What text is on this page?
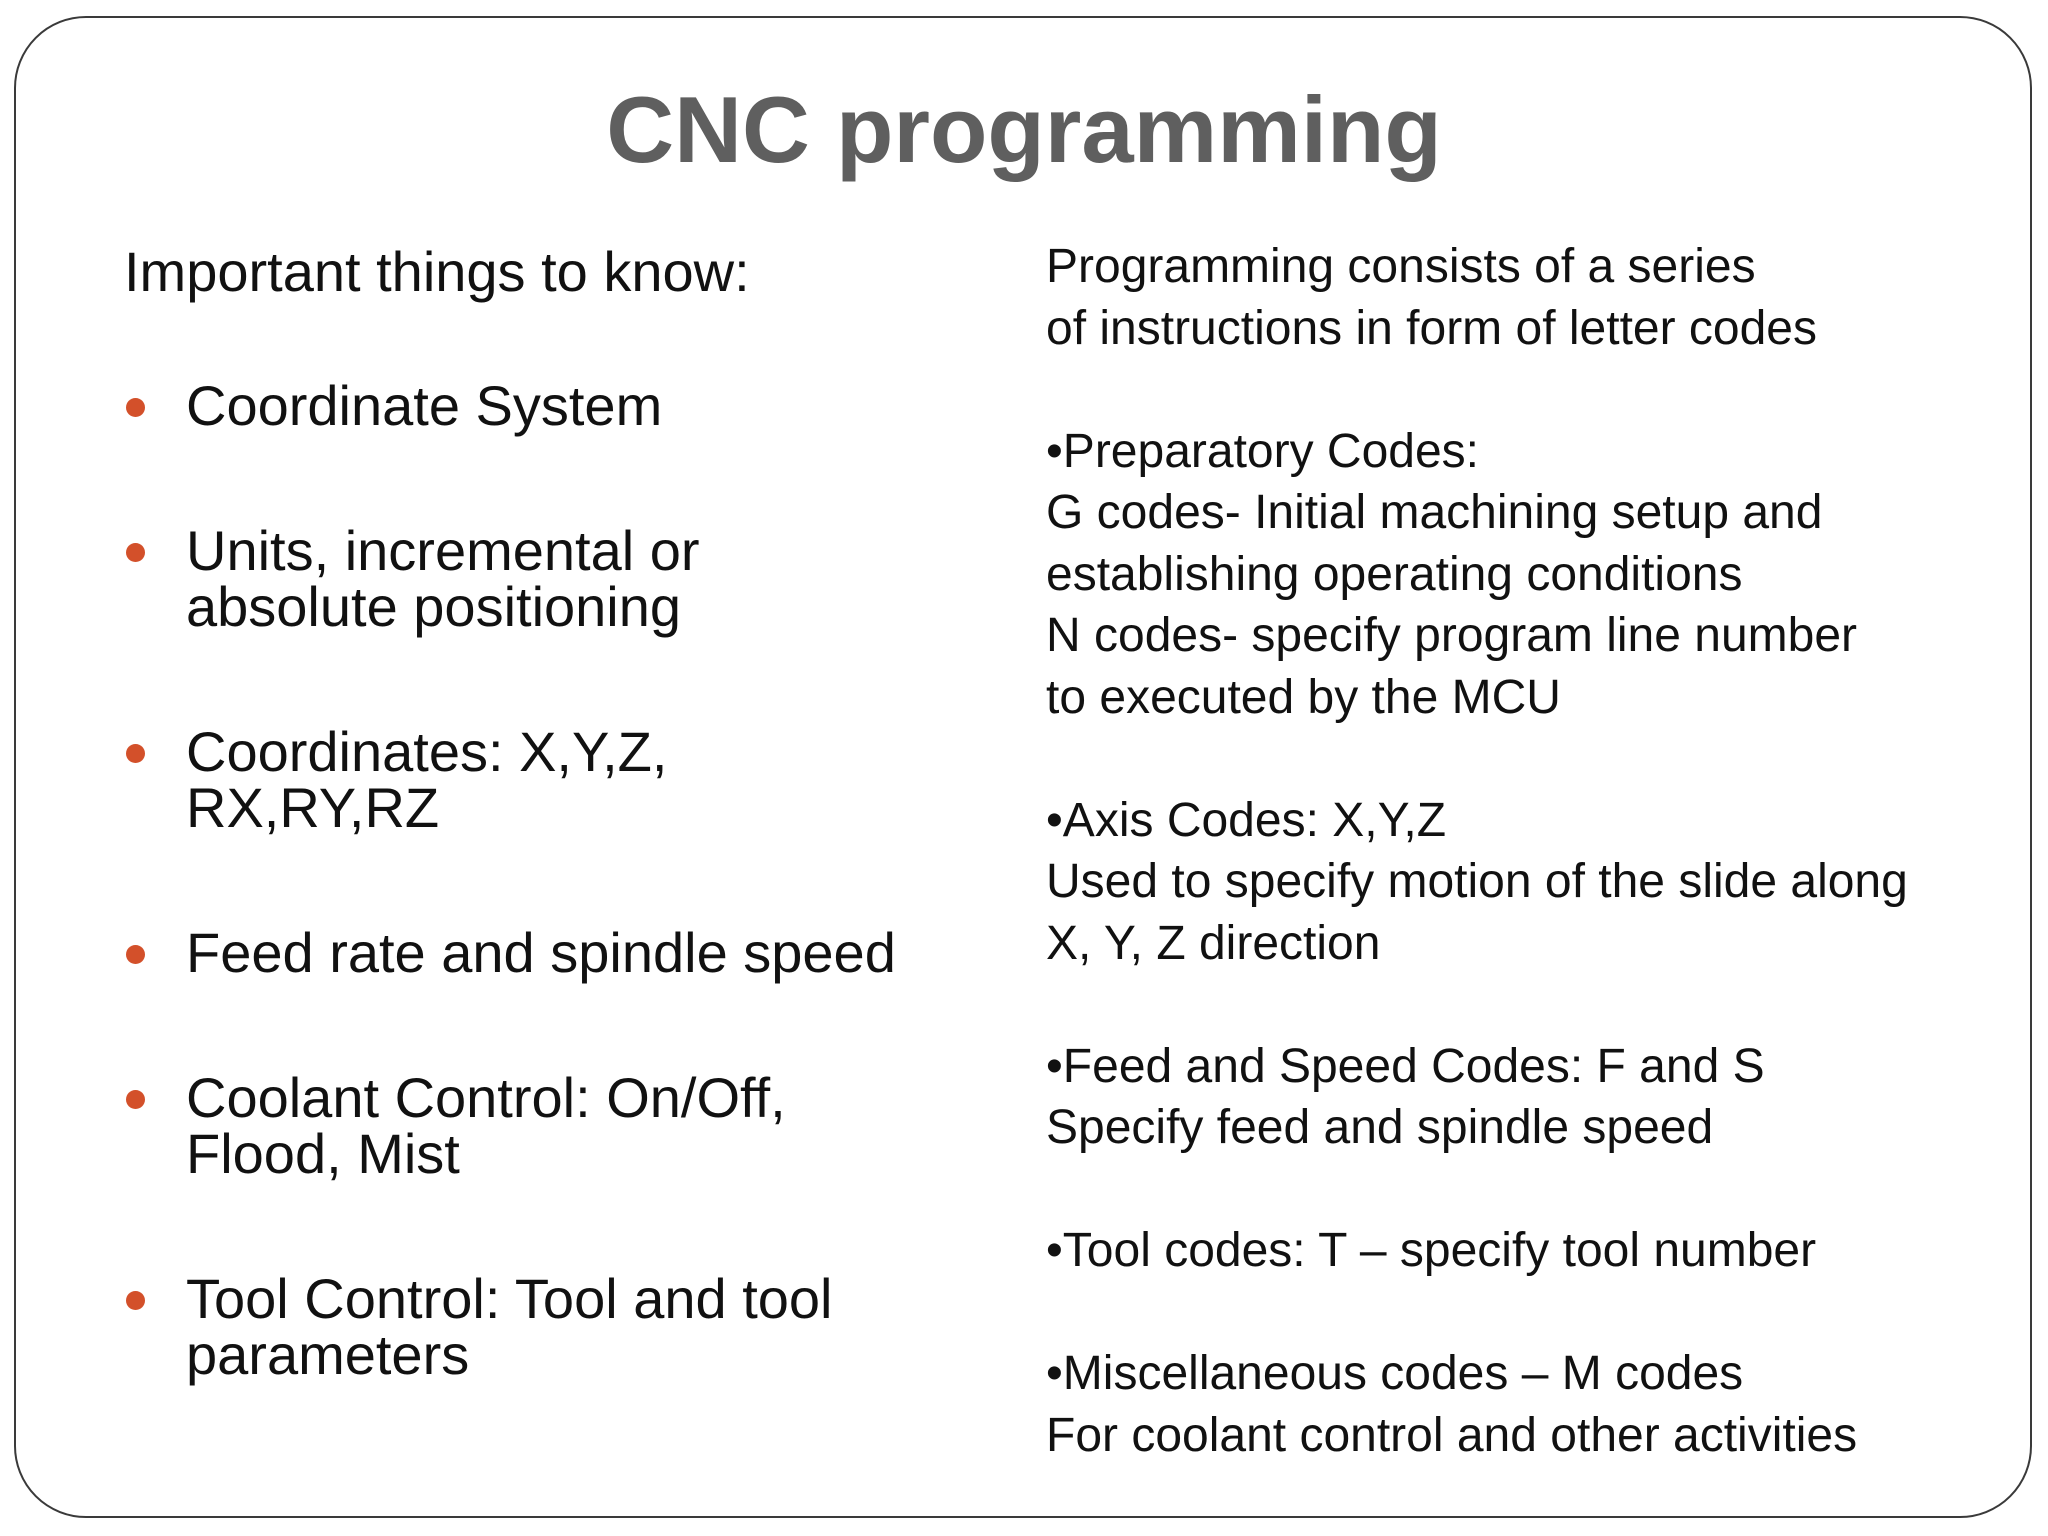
CNC programming
Important things to know:
Coordinate System
Units, incremental or
absolute positioning
Coordinates: X,Y,Z,
RX,RY,RZ
Feed rate and spindle speed
Coolant Control: On/Off,
Flood, Mist
Tool Control: Tool and tool
parameters
Programming consists of a series
of instructions in form of letter codes
•Preparatory Codes:
G codes- Initial machining setup and
establishing operating conditions
N codes- specify program line number
to executed by the MCU
•Axis Codes: X,Y,Z
Used to specify motion of the slide along
X, Y, Z direction
•Feed and Speed Codes: F and S
Specify feed and spindle speed
•Tool codes: T – specify tool number
•Miscellaneous codes – M codes
For coolant control and other activities
